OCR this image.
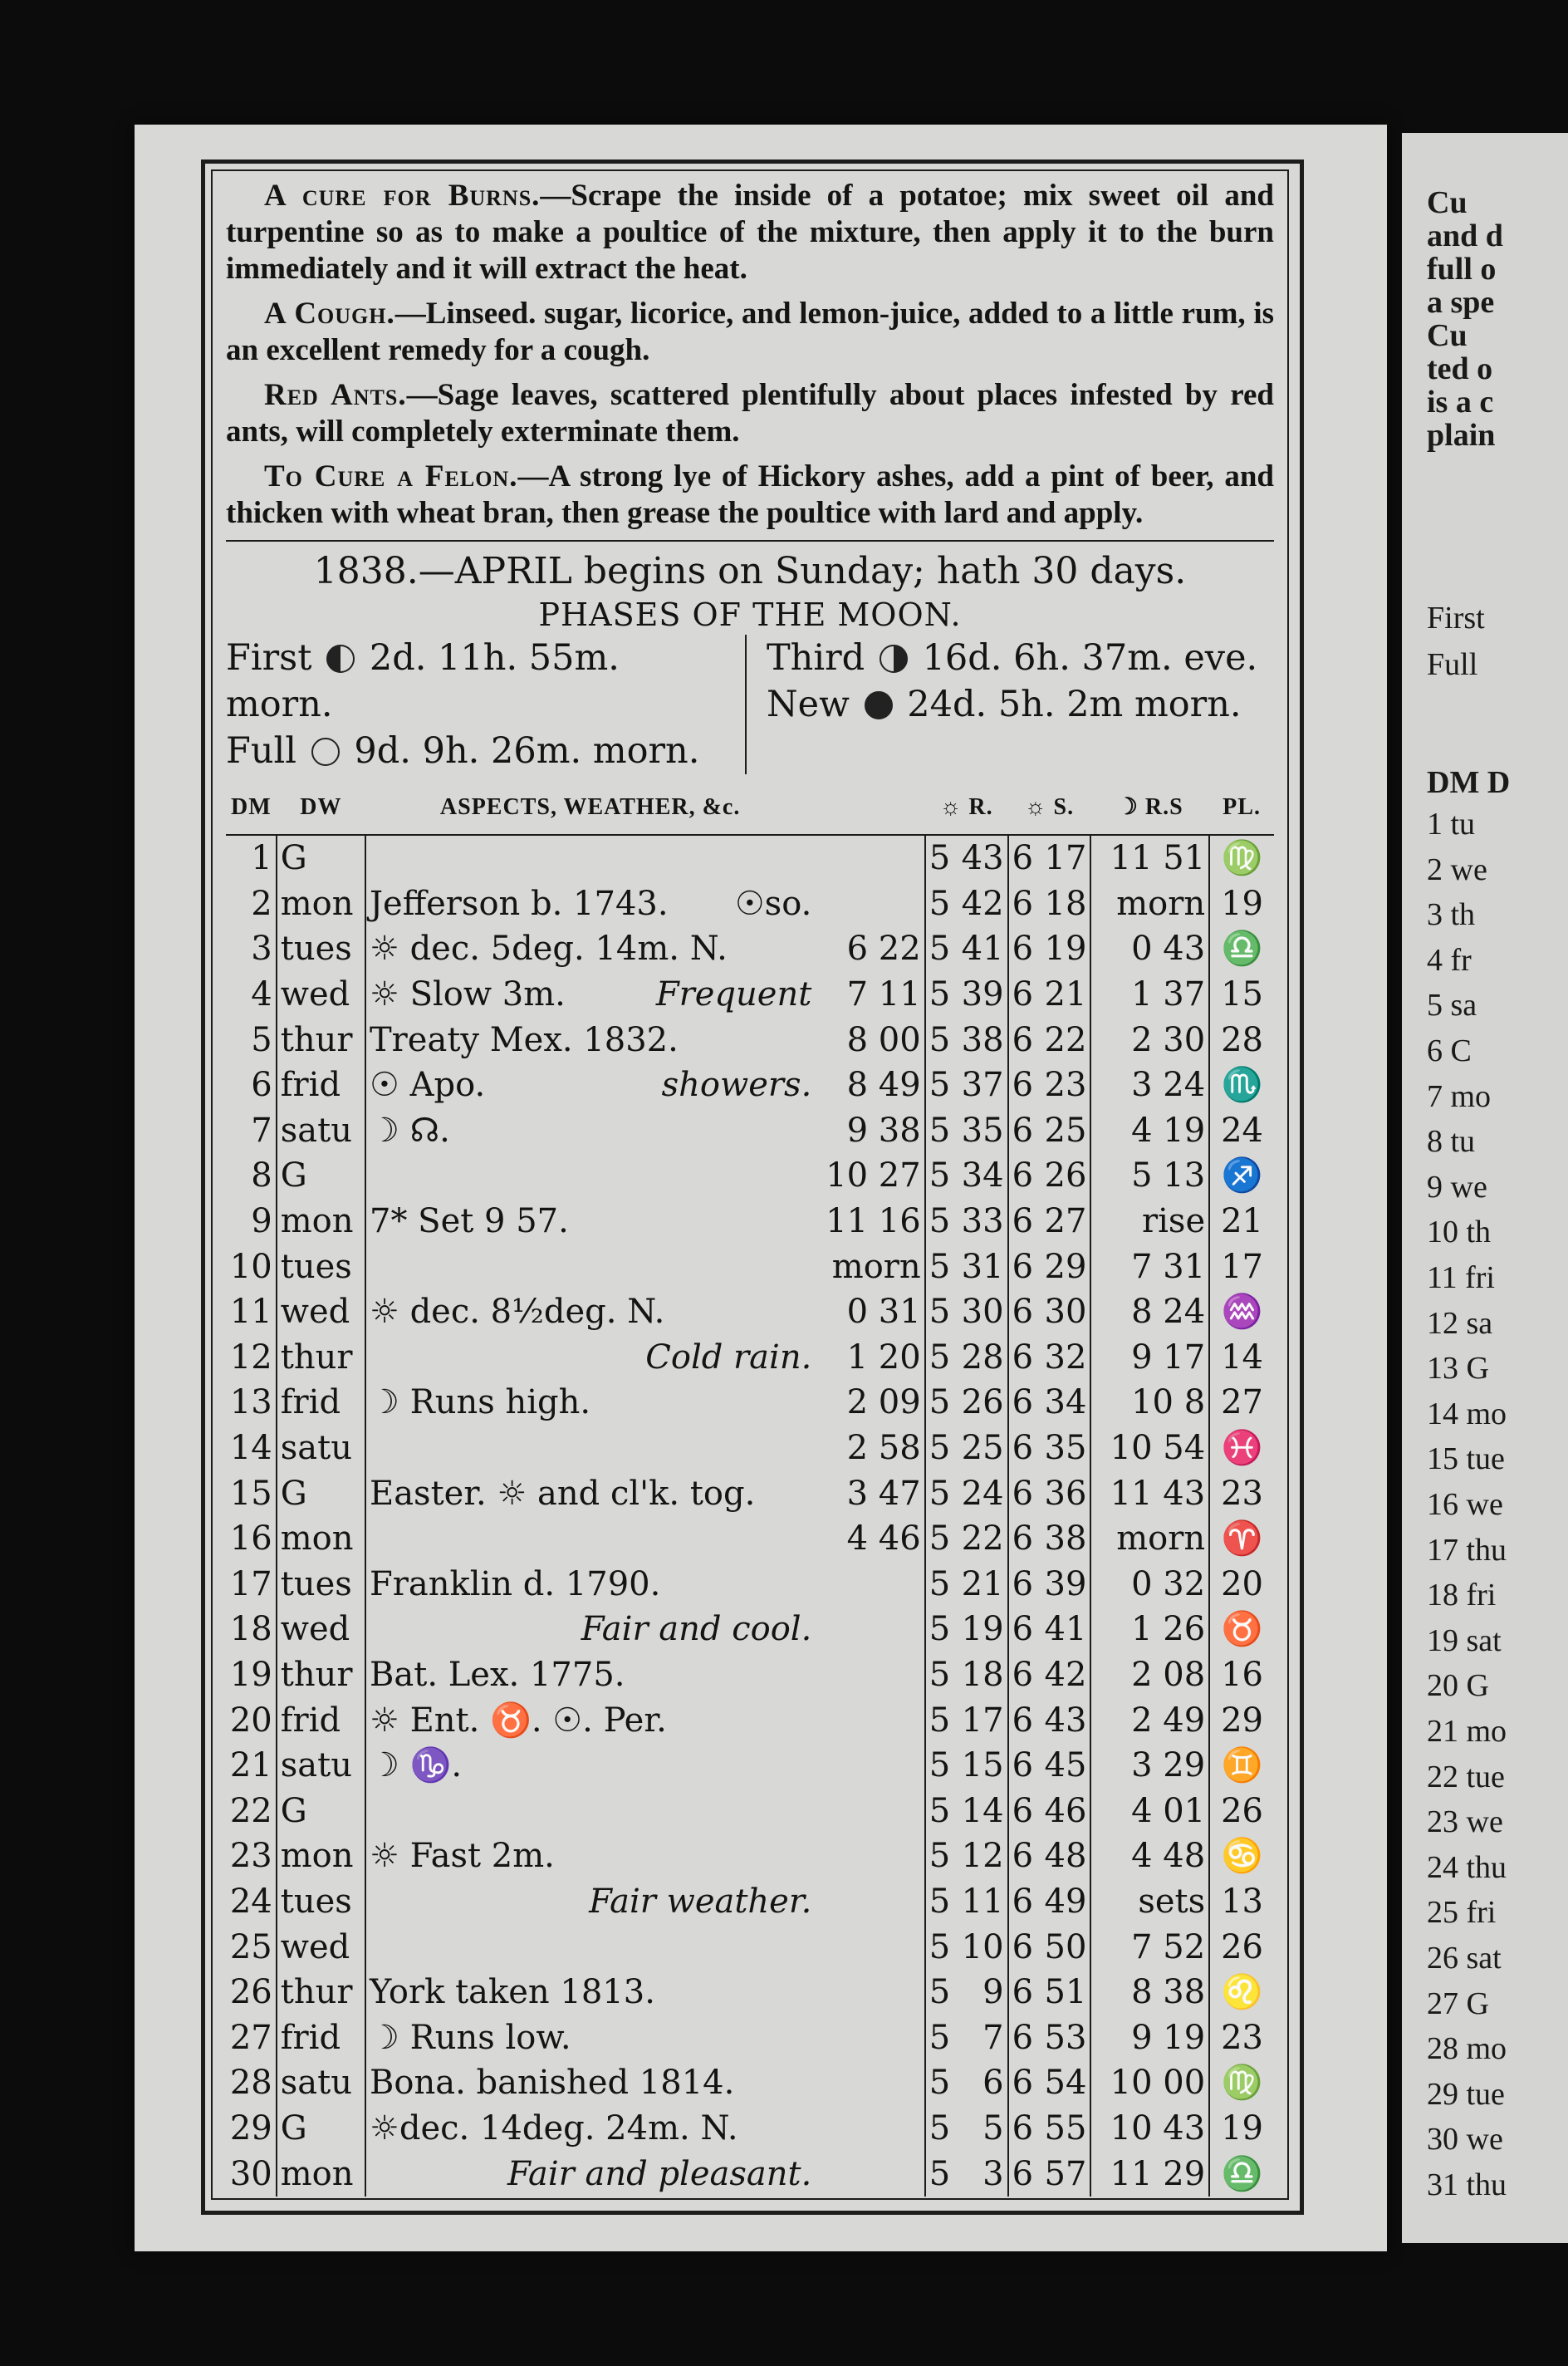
A cure for Burns.—Scrape the inside of a potatoe; mix sweet oil and turpentine so as to make a poultice of the mixture, then apply it to the burn immediately and it will extract the heat.

A Cough.—Linseed. sugar, licorice, and lemon-juice, added to a little rum, is an excellent remedy for a cough.

Red Ants.—Sage leaves, scattered plentifully about places infested by red ants, will completely exterminate them.

To Cure a Felon.—A strong lye of Hickory ashes, add a pint of beer, and thicken with wheat bran, then grease the poultice with lard and apply.

1838.—APRIL begins on Sunday; hath 30 days.
PHASES OF THE MOON.
First 2d. 11h. 55m. morn.
Full 9d. 9h. 26m. morn.
Third 16d. 6h. 37m. eve.
New 24d. 5h. 2m morn.
DM	DW	ASPECTS, WEATHER, &c.		☼ R.		☼ S.		☽ R.S	PL.
1	G			5	43	6	17	11 51	♍
2	mon	Jefferson b. 1743. ☉so.		5	42	6	18	morn	19
3	tues	☼ dec. 5deg. 14m. N.	6 22	5	41	6	19	0 43	♎
4	wed	☼ Slow 3m. Frequent	7 11	5	39	6	21	1 37	15
5	thur	Treaty Mex. 1832.	8 00	5	38	6	22	2 30	28
6	frid	☉ Apo. showers.	8 49	5	37	6	23	3 24	♏
7	satu	☽ ☊.	9 38	5	35	6	25	4 19	24
8	G		10 27	5	34	6	26	5 13	♐
9	mon	7* Set 9 57.	11 16	5	33	6	27	rise	21
10	tues		morn	5	31	6	29	7 31	17
11	wed	☼ dec. 8½deg. N.	0 31	5	30	6	30	8 24	♒
12	thur	Cold rain.	1 20	5	28	6	32	9 17	14
13	frid	☽ Runs high.	2 09	5	26	6	34	10 8	27
14	satu		2 58	5	25	6	35	10 54	♓
15	G	Easter. ☼ and cl'k. tog.	3 47	5	24	6	36	11 43	23
16	mon		4 46	5	22	6	38	morn	♈
17	tues	Franklin d. 1790.		5	21	6	39	0 32	20
18	wed	Fair and cool.		5	19	6	41	1 26	♉
19	thur	Bat. Lex. 1775.		5	18	6	42	2 08	16
20	frid	☼ Ent. ♉. ☉. Per.		5	17	6	43	2 49	29
21	satu	☽ ♑.		5	15	6	45	3 29	♊
22	G			5	14	6	46	4 01	26
23	mon	☼ Fast 2m.		5	12	6	48	4 48	♋
24	tues	Fair weather.		5	11	6	49	sets	13
25	wed			5	10	6	50	7 52	26
26	thur	York taken 1813.		5	9	6	51	8 38	♌
27	frid	☽ Runs low.		5	7	6	53	9 19	23
28	satu	Bona. banished 1814.		5	6	6	54	10 00	♍
29	G	☼dec. 14deg. 24m. N.		5	5	6	55	10 43	19
30	mon	Fair and pleasant.		5	3	6	57	11 29	♎
Cu
and d
full o
a spe
Cu
ted o
is a c
plain
First
Full
DM D
1 tu
2 we
3 th
4 fr
5 sa
6 C
7 mo
8 tu
9 we
10 th
11 fri
12 sa
13 G
14 mo
15 tue
16 we
17 thu
18 fri
19 sat
20 G
21 mo
22 tue
23 we
24 thu
25 fri
26 sat
27 G
28 mo
29 tue
30 we
31 thu
